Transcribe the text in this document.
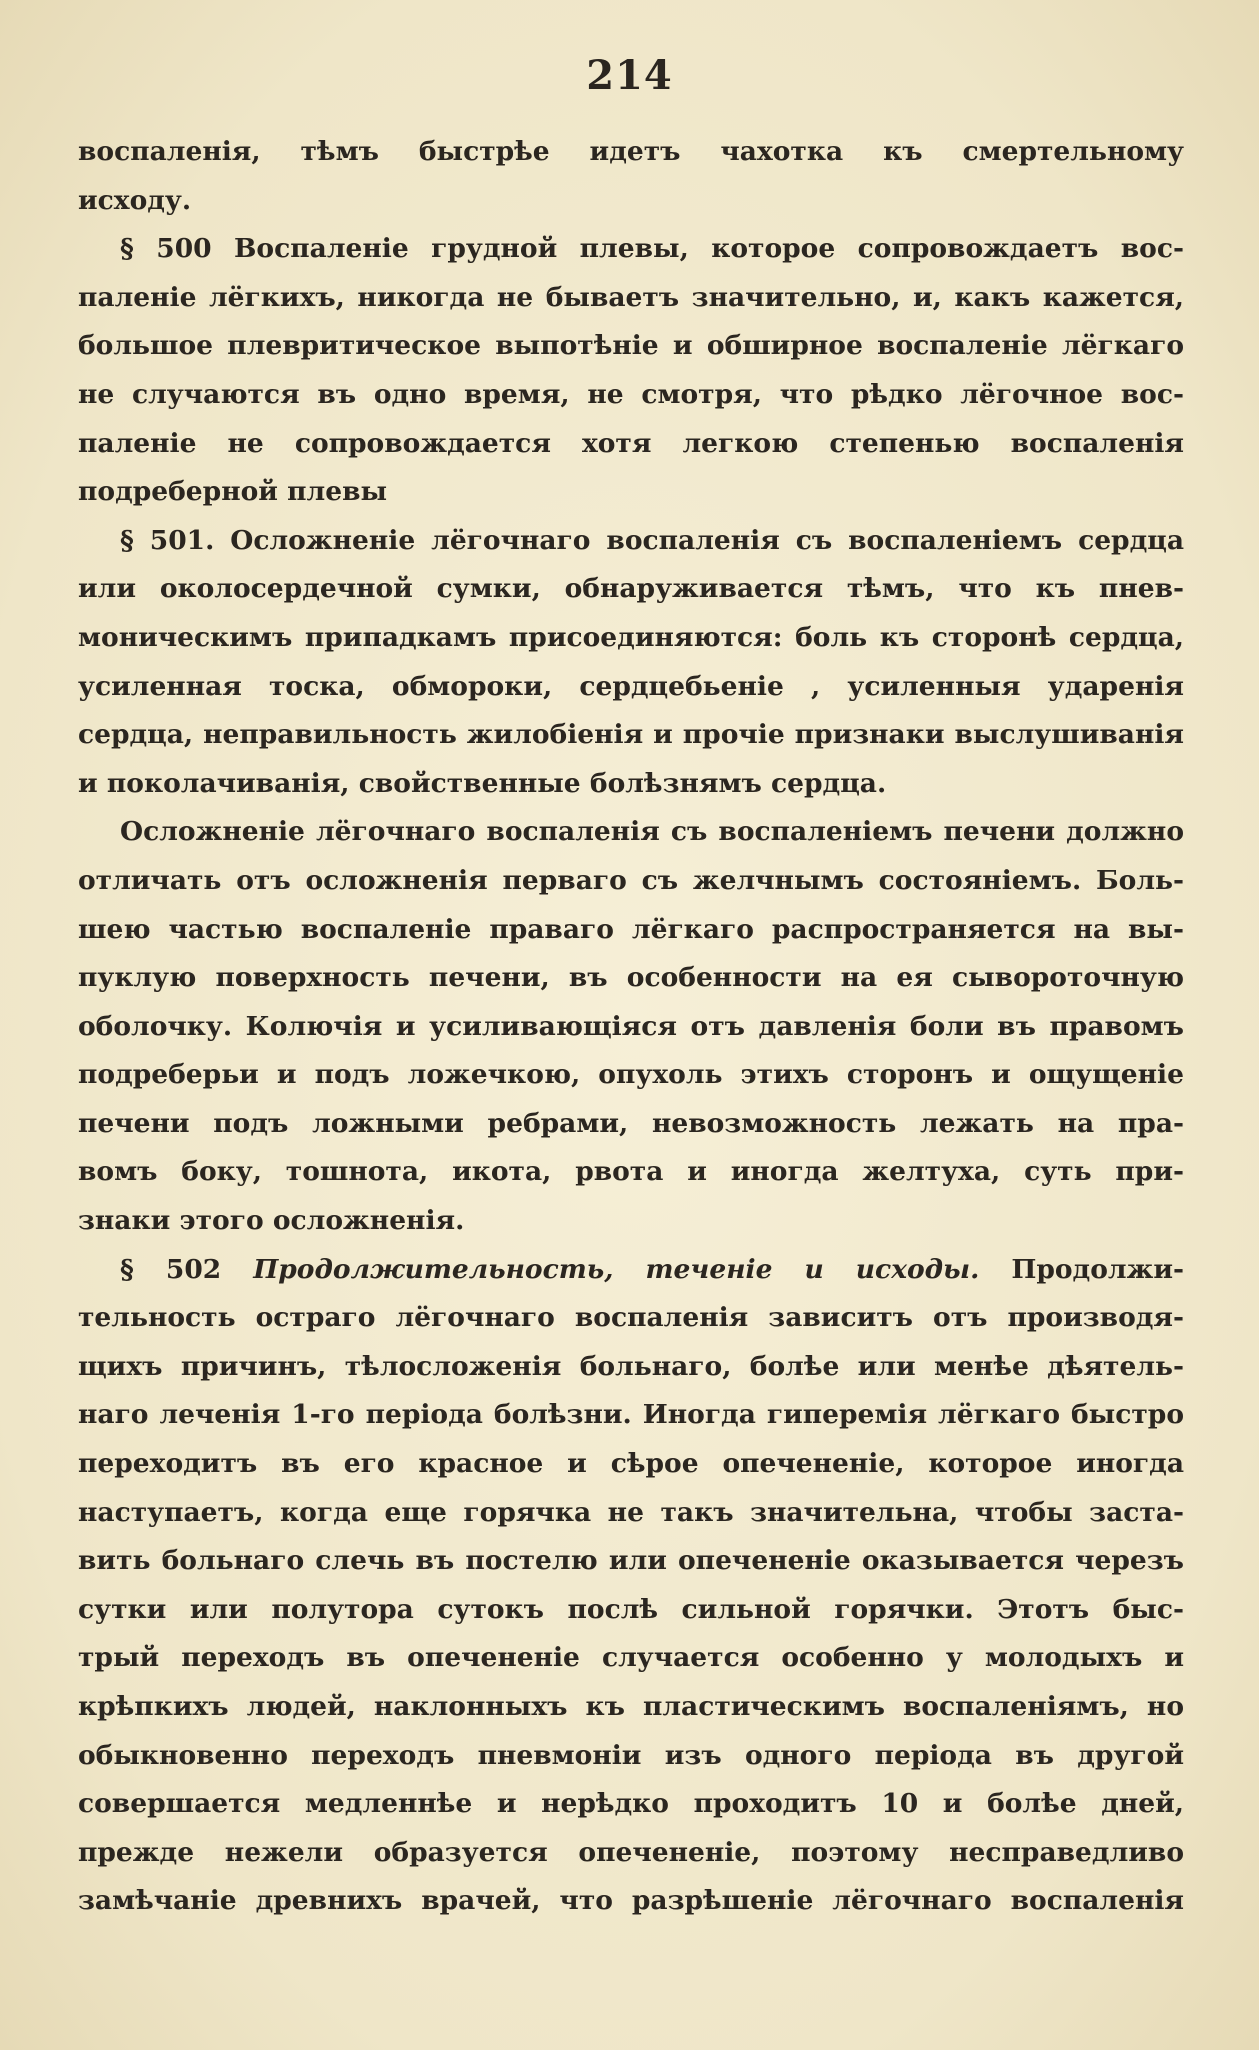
214
воспаленія, тѣмъ быстрѣе идетъ чахотка къ смертельному
исходу.
§ 500 Воспаленіе грудной плевы, которое сопровождаетъ вос-
паленіе лёгкихъ, никогда не бываетъ значительно, и, какъ кажется,
большое плевритическое выпотѣніе и обширное воспаленіе лёгкаго
не случаются въ одно время, не смотря, что рѣдко лёгочное вос-
паленіе не сопровождается хотя легкою степенью воспаленія
подреберной плевы
§ 501. Осложненіе лёгочнаго воспаленія съ воспаленіемъ сердца
или околосердечной сумки, обнаруживается тѣмъ, что къ пнев-
моническимъ припадкамъ присоединяются: боль къ сторонѣ сердца,
усиленная тоска, обмороки, сердцебьеніе , усиленныя ударенія
сердца, неправильность жилобіенія и прочіе признаки выслушиванія
и поколачиванія, свойственные болѣзнямъ сердца.
Осложненіе лёгочнаго воспаленія съ воспаленіемъ печени должно
отличать отъ осложненія перваго съ желчнымъ состояніемъ. Боль-
шею частью воспаленіе праваго лёгкаго распространяется на вы-
пуклую поверхность печени, въ особенности на ея сывороточную
оболочку. Колючія и усиливающіяся отъ давленія боли въ правомъ
подреберьи и подъ ложечкою, опухоль этихъ сторонъ и ощущеніе
печени подъ ложными ребрами, невозможность лежать на пра-
вомъ боку, тошнота, икота, рвота и иногда желтуха, суть при-
знаки этого осложненія.
§ 502 Продолжительность, теченіе и исходы. Продолжи-
тельность остраго лёгочнаго воспаленія зависитъ отъ производя-
щихъ причинъ, тѣлосложенія больнаго, болѣе или менѣе дѣятель-
наго леченія 1-го періода болѣзни. Иногда гиперемія лёгкаго быстро
переходитъ въ его красное и сѣрое опечененіе, которое иногда
наступаетъ, когда еще горячка не такъ значительна, чтобы заста-
вить больнаго слечь въ постелю или опечененіе оказывается черезъ
сутки или полутора сутокъ послѣ сильной горячки. Этотъ быс-
трый переходъ въ опечененіе случается особенно у молодыхъ и
крѣпкихъ людей, наклонныхъ къ пластическимъ воспаленіямъ, но
обыкновенно переходъ пневмоніи изъ одного періода въ другой
совершается медленнѣе и нерѣдко проходитъ 10 и болѣе дней,
прежде нежели образуется опечененіе, поэтому несправедливо
замѣчаніе древнихъ врачей, что разрѣшеніе лёгочнаго воспаленія
